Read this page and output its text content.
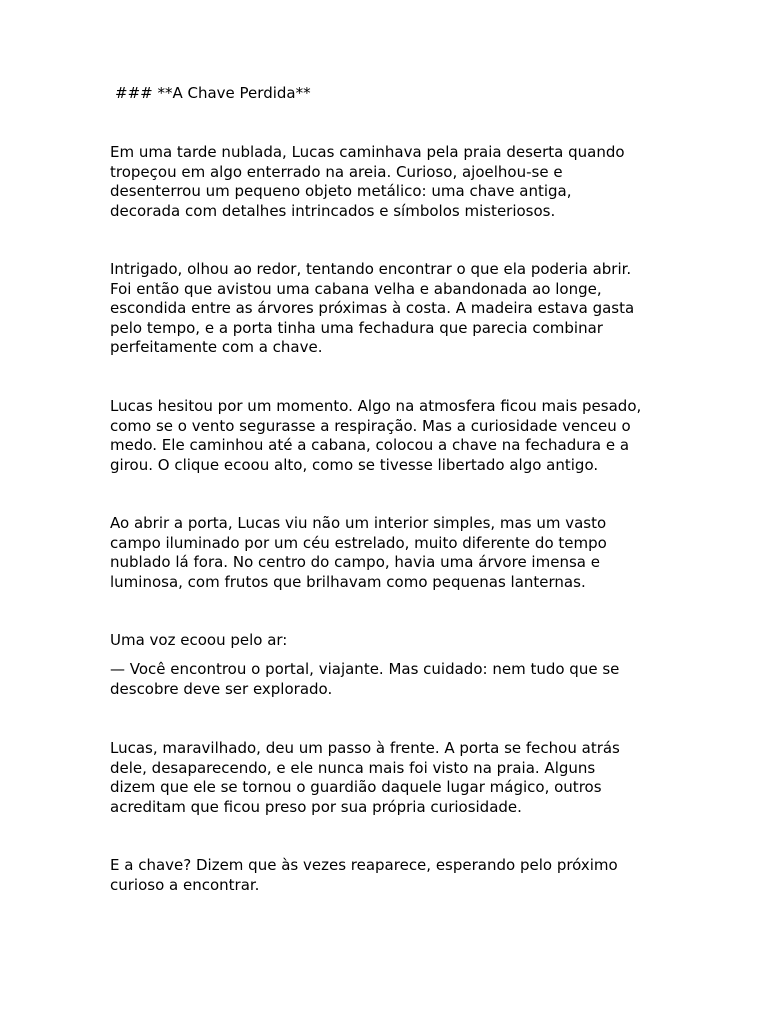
### **A Chave Perdida**

Em uma tarde nublada, Lucas caminhava pela praia deserta quando
tropeçou em algo enterrado na areia. Curioso, ajoelhou-se e
desenterrou um pequeno objeto metálico: uma chave antiga,
decorada com detalhes intrincados e símbolos misteriosos.

Intrigado, olhou ao redor, tentando encontrar o que ela poderia abrir.
Foi então que avistou uma cabana velha e abandonada ao longe,
escondida entre as árvores próximas à costa. A madeira estava gasta
pelo tempo, e a porta tinha uma fechadura que parecia combinar
perfeitamente com a chave.

Lucas hesitou por um momento. Algo na atmosfera ficou mais pesado,
como se o vento segurasse a respiração. Mas a curiosidade venceu o
medo. Ele caminhou até a cabana, colocou a chave na fechadura e a
girou. O clique ecoou alto, como se tivesse libertado algo antigo.

Ao abrir a porta, Lucas viu não um interior simples, mas um vasto
campo iluminado por um céu estrelado, muito diferente do tempo
nublado lá fora. No centro do campo, havia uma árvore imensa e
luminosa, com frutos que brilhavam como pequenas lanternas.

Uma voz ecoou pelo ar:

— Você encontrou o portal, viajante. Mas cuidado: nem tudo que se
descobre deve ser explorado.

Lucas, maravilhado, deu um passo à frente. A porta se fechou atrás
dele, desaparecendo, e ele nunca mais foi visto na praia. Alguns
dizem que ele se tornou o guardião daquele lugar mágico, outros
acreditam que ficou preso por sua própria curiosidade.

E a chave? Dizem que às vezes reaparece, esperando pelo próximo
curioso a encontrar.
